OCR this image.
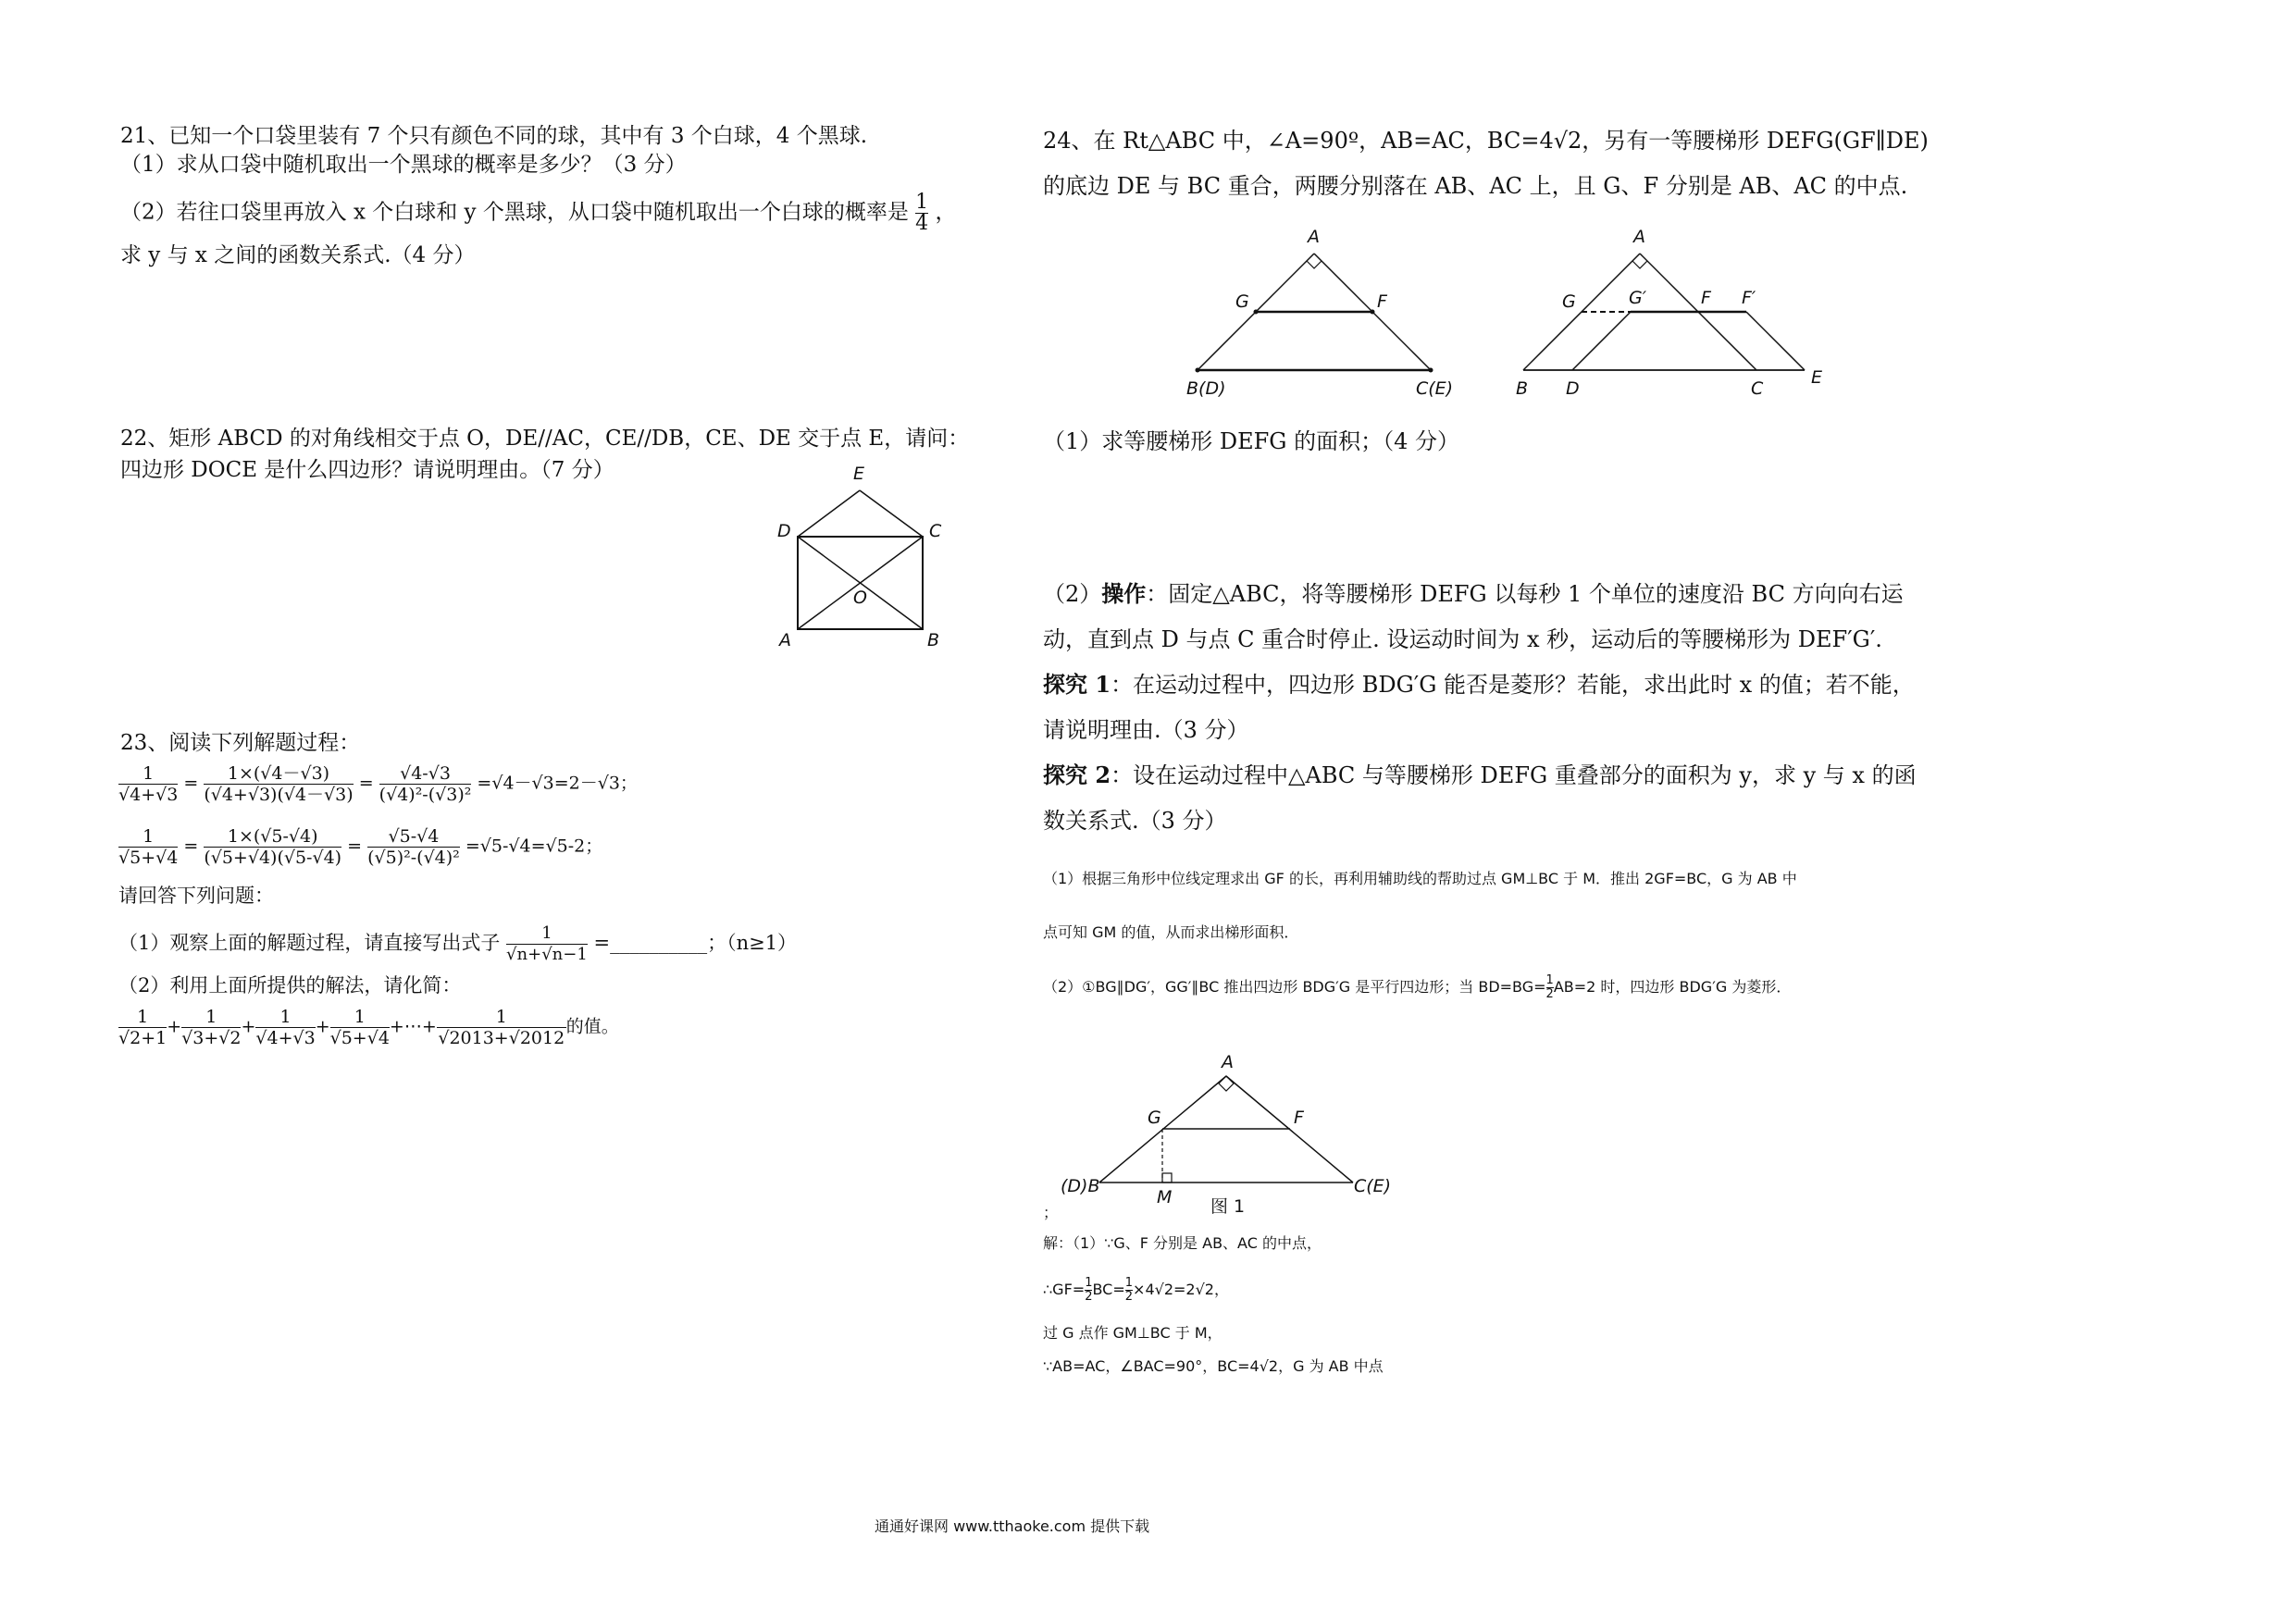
21、已知一个口袋里装有 7 个只有颜色不同的球，其中有 3 个白球，4 个黑球.
（1）求从口袋中随机取出一个黑球的概率是多少？（3 分）
（2）若往口袋里再放入 x 个白球和 y 个黑球，从口袋中随机取出一个白球的概率是 $\frac{1}{4}$ ，
求 y 与 x 之间的函数关系式.（4 分）
22、矩形 ABCD 的对角线相交于点 O，DE//AC，CE//DB，CE、DE 交于点 E，请问：
四边形 DOCE 是什么四边形？请说明理由。（7 分）	E
D	C
O
A	B
23、阅读下列解题过程：
$\frac{1}{√4+√3} = \frac{1\times(√4-√3)}{(√4+√3)(√4-√3)} = \frac{√4-√3}{\text{(√4)²-(√3)²}} =√4-√3=2-√3$；
$\frac{1}{√5+√4} = \frac{1\times(√5-√4)}{(√5+√4)(√5-√4)} = \frac{√5-√4}{\text{(√5)²-(√4)²}} =√5-√4=√5-2$；
请回答下列问题：
（1）观察上面的解题过程，请直接写出式子 $\frac{1}{√n+√n-1}$ =__________；（n≥1）
（2）利用上面所提供的解法，请化简：
$\frac{1}{√2+1} + \frac{1}{√3+√2} + \frac{1}{√4+√3} + \frac{1}{√5+√4}$ +⋯+ $\frac{1}{√2013+√2012}$ 的值。
24、在 Rt△ABC 中，∠A=90º，AB=AC，BC=4√2，另有一等腰梯形 DEFG(GF∥DE)
的底边 DE 与 BC 重合，两腰分别落在 AB、AC 上，且 G、F 分别是 AB、AC 的中点.
A
G	F
B(D)	C(E)
A
G	G′	F F′
B D	C
E
（1）求等腰梯形 DEFG 的面积；（4 分）
（2）操作：固定△ABC，将等腰梯形 DEFG 以每秒 1 个单位的速度沿 BC 方向向右运
动，直到点 D 与点 C 重合时停止. 设运动时间为 x 秒，运动后的等腰梯形为 DEF′G′.
探究 1：在运动过程中，四边形 BDG′G 能否是菱形？若能，求出此时 x 的值；若不能，
请说明理由.（3 分）
探究 2：设在运动过程中△ABC 与等腰梯形 DEFG 重叠部分的面积为 y，求 y 与 x 的函
数关系式.（3 分）
（1）根据三角形中位线定理求出 GF 的长，再利用辅助线的帮助过点 GM⊥BC 于 M．推出 2GF=BC，G 为 AB 中
点可知 GM 的值，从而求出梯形面积．
（2）①BG∥DG′，GG′∥BC 推出四边形 BDG′G 是平行四边形；当 $BD=BG= \frac{1}{2} AB=2$ 时，四边形 BDG′G 为菱形．
A
G	F
(D)B	C(E)
M 图 1
；
解：（1）∵G、F 分别是 AB、AC 的中点，
∴GF= $\frac{1}{2} BC= \frac{1}{2} \times 4√2=2√2$，
过 G 点作 GM⊥BC 于 M，
∵AB=AC，∠BAC=90°，BC=4√2，G 为 AB 中点
通通好课网 www.tthaoke.com 提供下载
